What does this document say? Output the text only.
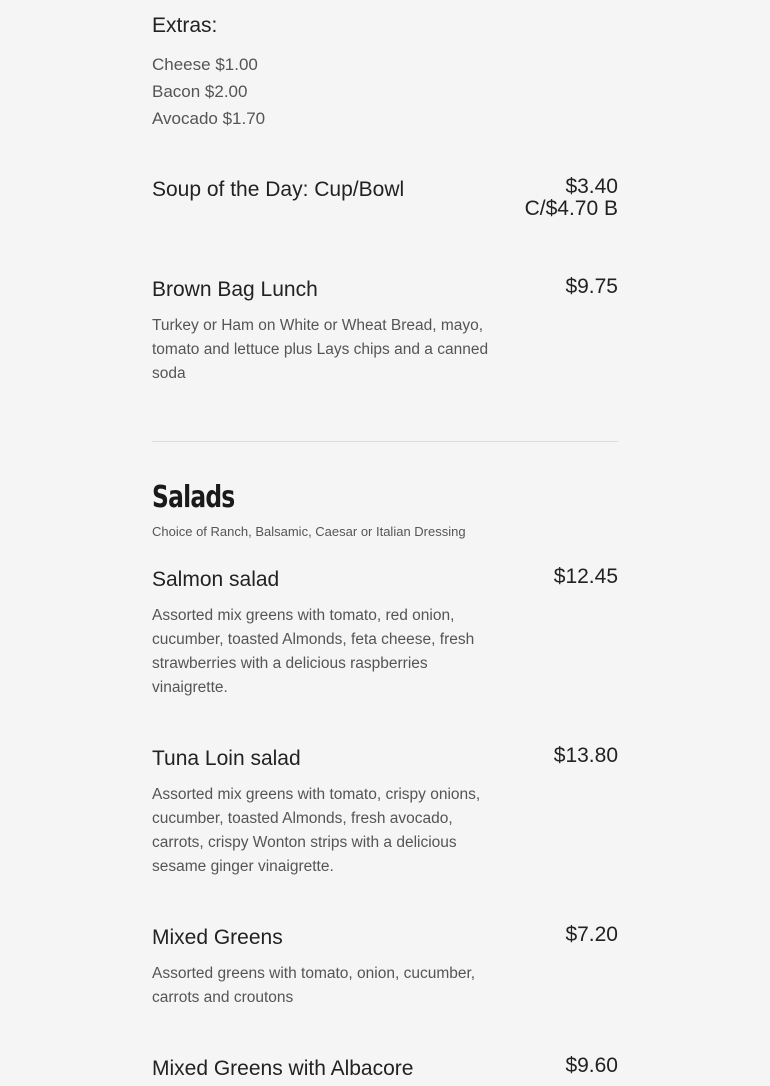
Extras:
Cheese $1.00
Bacon $2.00
Avocado $1.70
Soup of the Day: Cup/Bowl	$3.40
C/$4.70 B
Brown Bag Lunch	$9.75

Turkey or Ham on White or Wheat Bread, mayo, tomato and lettuce plus Lays chips and a canned soda

Salads

Choice of Ranch, Balsamic, Caesar or Italian Dressing

Salmon salad	$12.45

Assorted mix greens with tomato, red onion, cucumber, toasted Almonds, feta cheese, fresh strawberries with a delicious raspberries vinaigrette.

Tuna Loin salad	$13.80

Assorted mix greens with tomato, crispy onions, cucumber, toasted Almonds, fresh avocado, carrots, crispy Wonton strips with a delicious sesame ginger vinaigrette.

Mixed Greens	$7.20

Assorted greens with tomato, onion, cucumber, carrots and croutons

Mixed Greens with Albacore	$9.60
